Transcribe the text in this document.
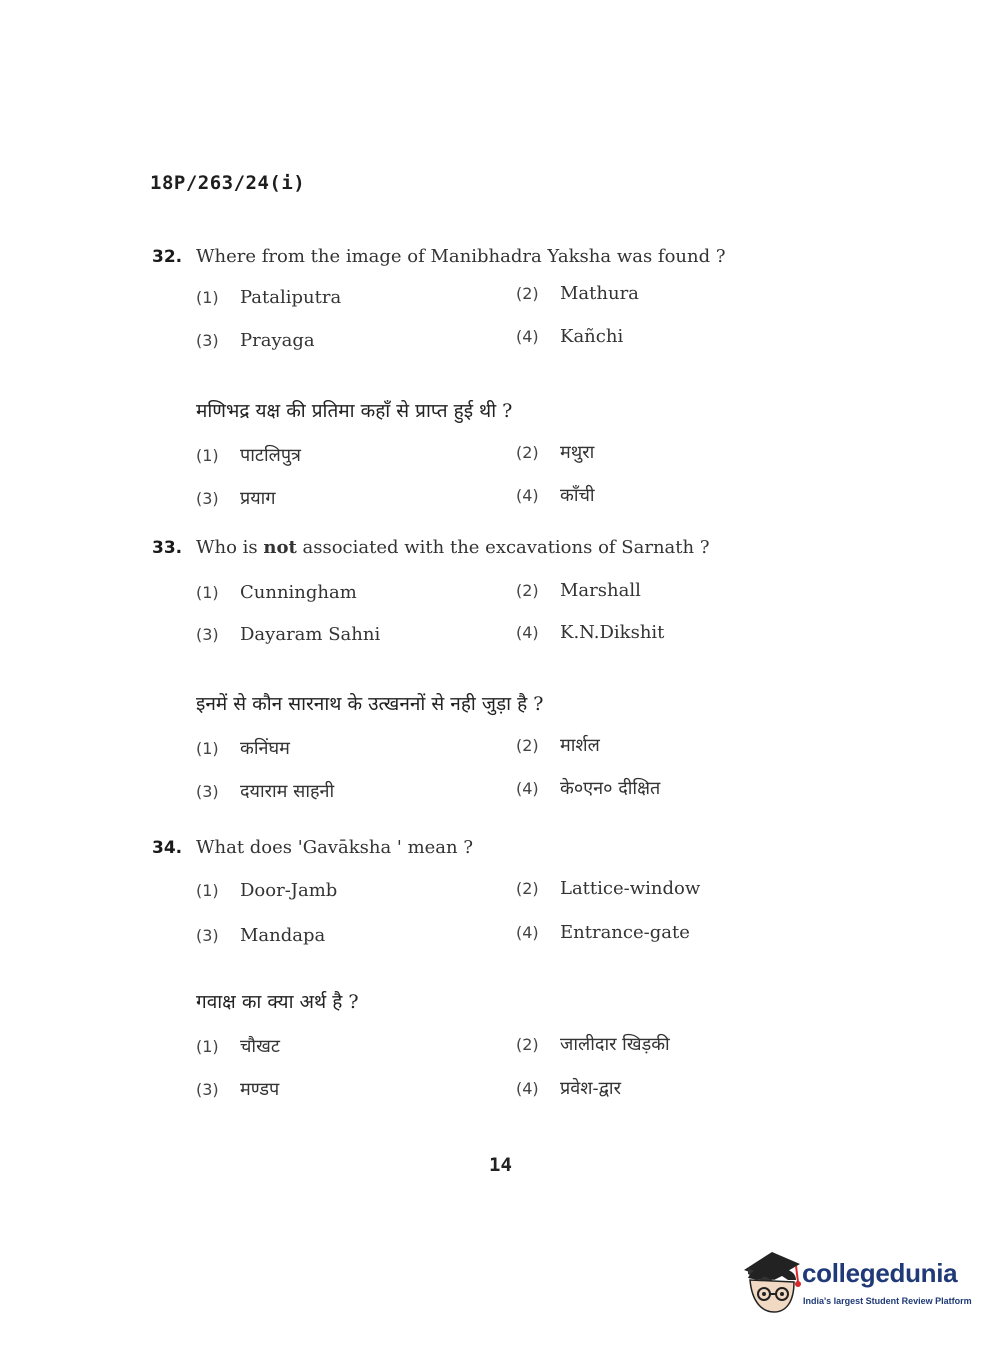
18P/263/24(i)
32. Where from the image of Manibhadra Yaksha was found ?
(1) Pataliputra	(2) Mathura
(3) Prayaga	(4) Kañchi
मणिभद्र यक्ष की प्रतिमा कहाँ से प्राप्त हुई थी ?
(1) पाटलिपुत्र	(2) मथुरा
(3) प्रयाग	(4) काँची
33. Who is not associated with the excavations of Sarnath ?
(1) Cunningham	(2) Marshall
(3) Dayaram Sahni	(4) K.N.Dikshit
इनमें से कौन सारनाथ के उत्खननों से नही जुड़ा है ?
(1) कनिंघम	(2) मार्शल
(3) दयाराम साहनी	(4) के०एन० दीक्षित
34. What does 'Gavāksha ' mean ?
(1) Door-Jamb	(2) Lattice-window
(3) Mandapa	(4) Entrance-gate
गवाक्ष का क्या अर्थ है ?
(1) चौखट	(2) जालीदार खिड़की
(3) मण्डप	(4) प्रवेश-द्वार
14
collegedunia
India's largest Student Review Platform
